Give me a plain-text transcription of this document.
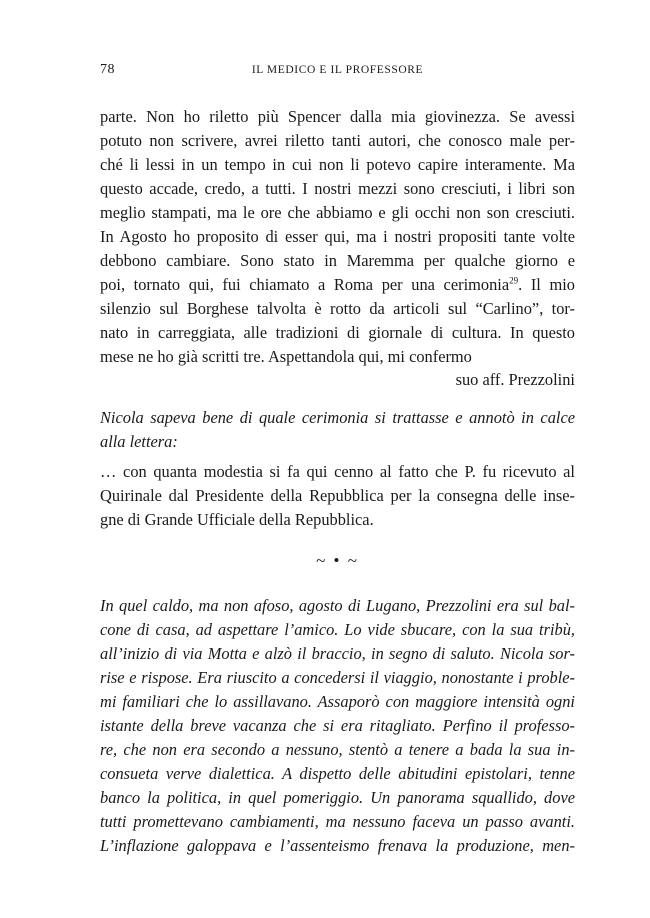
78	IL MEDICO E IL PROFESSORE
parte. Non ho riletto più Spencer dalla mia giovinezza. Se avessi
potuto non scrivere, avrei riletto tanti autori, che conosco male per-
ché li lessi in un tempo in cui non li potevo capire interamente. Ma
questo accade, credo, a tutti. I nostri mezzi sono cresciuti, i libri son
meglio stampati, ma le ore che abbiamo e gli occhi non son cresciuti.
In Agosto ho proposito di esser qui, ma i nostri propositi tante volte
debbono cambiare. Sono stato in Maremma per qualche giorno e
poi, tornato qui, fui chiamato a Roma per una cerimonia$^{29}$. Il mio
silenzio sul Borghese talvolta è rotto da articoli sul “Carlino”, tor-
nato in carreggiata, alle tradizioni di giornale di cultura. In questo
mese ne ho già scritti tre. Aspettandola qui, mi confermo
suo aff. Prezzolini
Nicola sapeva bene di quale cerimonia si trattasse e annotò in calce
alla lettera:
… con quanta modestia si fa qui cenno al fatto che P. fu ricevuto al
Quirinale dal Presidente della Repubblica per la consegna delle inse-
gne di Grande Ufficiale della Repubblica.
~ • ~
In quel caldo, ma non afoso, agosto di Lugano, Prezzolini era sul bal-
cone di casa, ad aspettare l’amico. Lo vide sbucare, con la sua tribù,
all’inizio di via Motta e alzò il braccio, in segno di saluto. Nicola sor-
rise e rispose. Era riuscito a concedersi il viaggio, nonostante i proble-
mi familiari che lo assillavano. Assaporò con maggiore intensità ogni
istante della breve vacanza che si era ritagliato. Perfino il professo-
re, che non era secondo a nessuno, stentò a tenere a bada la sua in-
consueta verve dialettica. A dispetto delle abitudini epistolari, tenne
banco la politica, in quel pomeriggio. Un panorama squallido, dove
tutti promettevano cambiamenti, ma nessuno faceva un passo avanti.
L’inflazione galoppava e l’assenteismo frenava la produzione, men-
